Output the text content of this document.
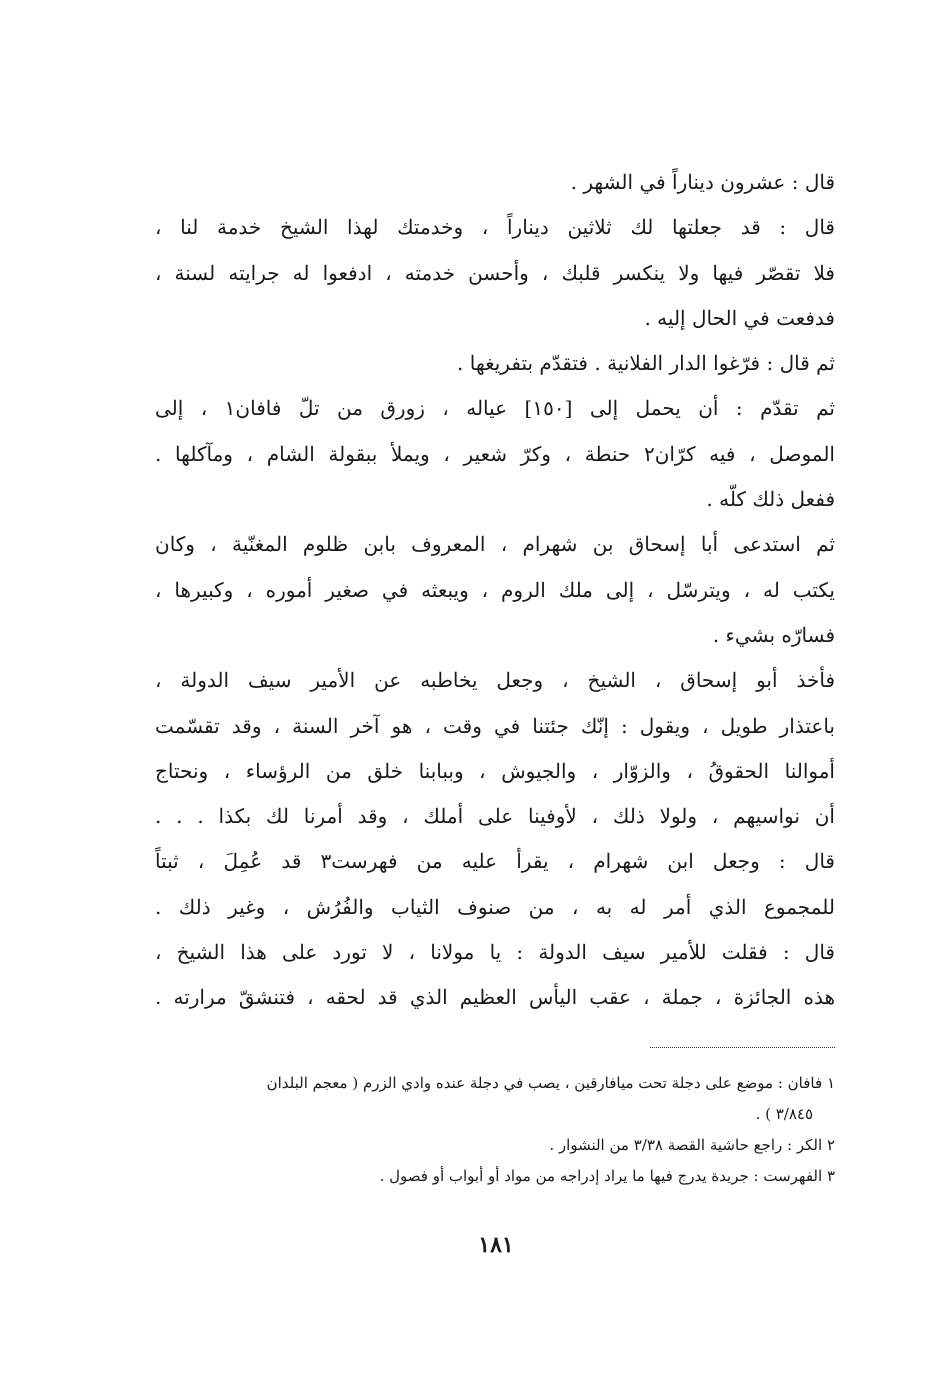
قال : عشرون ديناراً في الشهر .
قال : قد جعلتها لك ثلاثين ديناراً ، وخدمتك لهذا الشيخ خدمة لنا ،
فلا تقصّر فيها ولا ينكسر قلبك ، وأحسن خدمته ، ادفعوا له جرايته لسنة ،
فدفعت في الحال إليه .
ثم قال : فرّغوا الدار الفلانية . فتقدّم بتفريغها .
ثم تقدّم : أن يحمل إلى [١٥٠] عياله ، زورق من تلّ فافان١ ، إلى
الموصل ، فيه كرّان٢ حنطة ، وكرّ شعير ، ويملأ ببقولة الشام ، ومآكلها .
ففعل ذلك كلّه .
ثم استدعى أبا إسحاق بن شهرام ، المعروف بابن ظلوم المغنّية ، وكان
يكتب له ، ويترسّل ، إلى ملك الروم ، ويبعثه في صغير أموره ، وكبيرها ،
فسارّه بشيء .
فأخذ أبو إسحاق ، الشيخ ، وجعل يخاطبه عن الأمير سيف الدولة ،
باعتذار طويل ، ويقول : إنّك جئتنا في وقت ، هو آخر السنة ، وقد تقسّمت
أموالنا الحقوقُ ، والزوّار ، والجيوش ، وببابنا خلق من الرؤساء ، ونحتاج
أن نواسيهم ، ولولا ذلك ، لأوفينا على أملك ، وقد أمرنا لك بكذا . . .
قال : وجعل ابن شهرام ، يقرأ عليه من فهرست٣ قد عُمِلَ ، ثبتاً
للمجموع الذي أمر له به ، من صنوف الثياب والفُرُش ، وغير ذلك .
قال : فقلت للأمير سيف الدولة : يا مولانا ، لا تورد على هذا الشيخ ،
هذه الجائزة ، جملة ، عقب اليأس العظيم الذي قد لحقه ، فتنشقّ مرارته .
١ فافان : موضع على دجلة تحت ميافارقين ، يصب في دجلة عنده وادي الزرم ( معجم البلدان
٣/٨٤٥ ) .
٢ الكر : راجع حاشية القصة ٣/٣٨ من النشوار .
٣ الفهرست : جريدة يدرج فيها ما يراد إدراجه من مواد أو أبواب أو فصول .
١٨١
